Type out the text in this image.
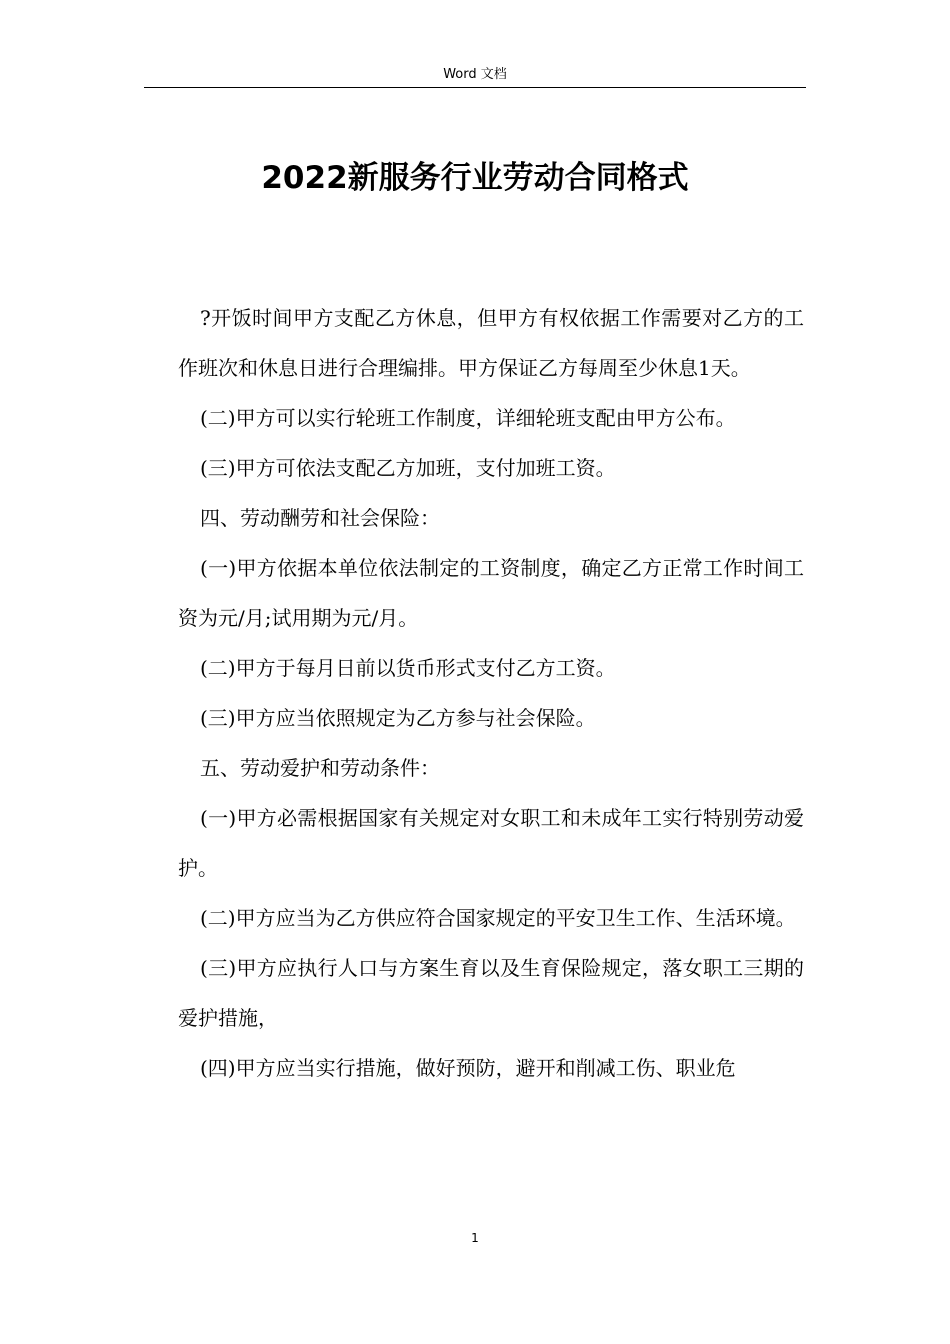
Word 文档
2022新服务行业劳动合同格式

?开饭时间甲方支配乙方休息，但甲方有权依据工作需要对乙方的工作班次和休息日进行合理编排。甲方保证乙方每周至少休息1天。

(二)甲方可以实行轮班工作制度，详细轮班支配由甲方公布。

(三)甲方可依法支配乙方加班，支付加班工资。

四、劳动酬劳和社会保险：

(一)甲方依据本单位依法制定的工资制度，确定乙方正常工作时间工资为元/月;试用期为元/月。

(二)甲方于每月日前以货币形式支付乙方工资。

(三)甲方应当依照规定为乙方参与社会保险。

五、劳动爱护和劳动条件：

(一)甲方必需根据国家有关规定对女职工和未成年工实行特别劳动爱护。

(二)甲方应当为乙方供应符合国家规定的平安卫生工作、生活环境。

(三)甲方应执行人口与方案生育以及生育保险规定，落女职工三期的爱护措施，

(四)甲方应当实行措施，做好预防，避开和削减工伤、职业危

1
